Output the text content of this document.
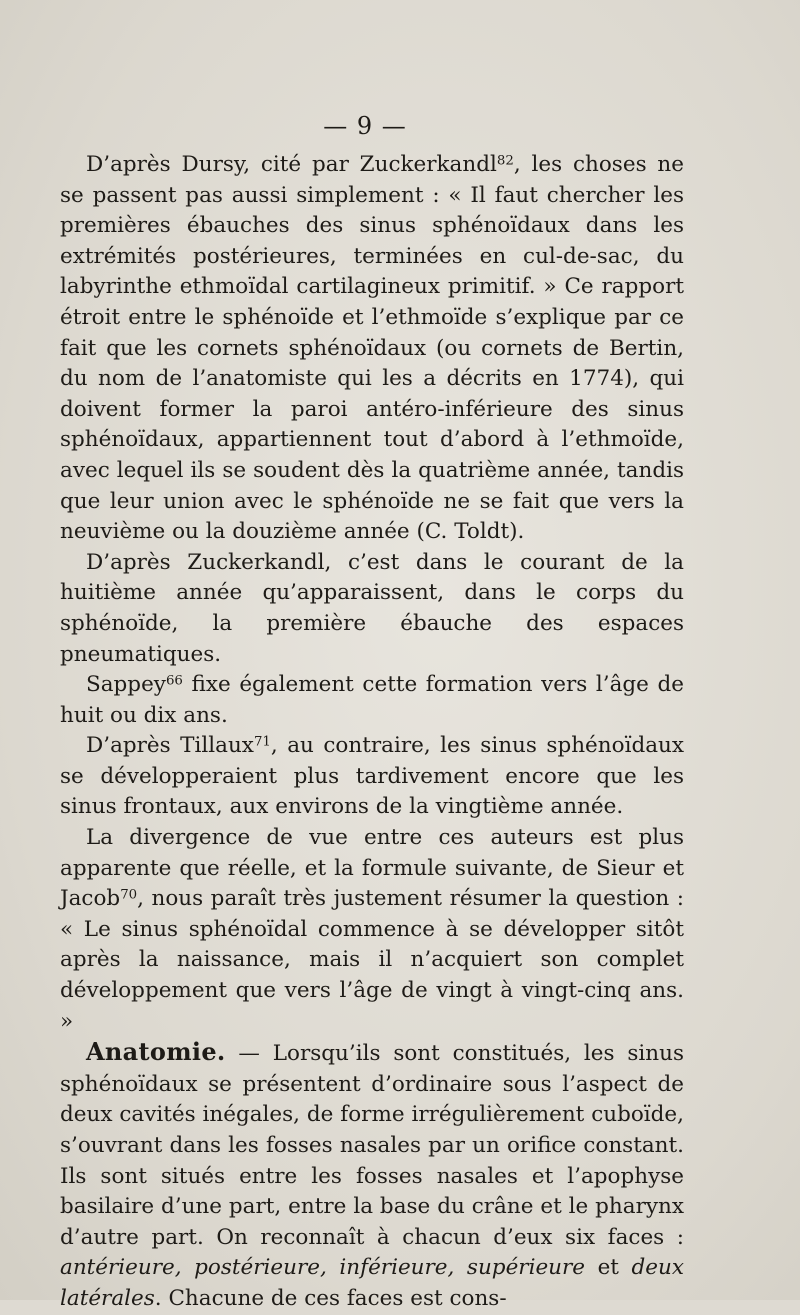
— 9 —

D’après Dursy, cité par Zuckerkandl$^{82}$, les choses ne se passent pas aussi simplement : « Il faut chercher les premières ébauches des sinus sphénoïdaux dans les extrémités postérieures, terminées en cul-de-sac, du labyrinthe ethmoïdal cartilagineux primitif. » Ce rapport étroit entre le sphénoïde et l’ethmoïde s’explique par ce fait que les cornets sphénoïdaux (ou cornets de Bertin, du nom de l’anatomiste qui les a décrits en 1774), qui doivent former la paroi antéro-inférieure des sinus sphénoïdaux, appartiennent tout d’abord à l’ethmoïde, avec lequel ils se soudent dès la quatrième année, tandis que leur union avec le sphénoïde ne se fait que vers la neuvième ou la douzième année (C. Toldt).

D’après Zuckerkandl, c’est dans le courant de la huitième année qu’apparaissent, dans le corps du sphénoïde, la première ébauche des espaces pneumatiques.

Sappey$^{66}$ fixe également cette formation vers l’âge de huit ou dix ans.

D’après Tillaux$^{71}$, au contraire, les sinus sphénoïdaux se développeraient plus tardivement encore que les sinus frontaux, aux environs de la vingtième année.

La divergence de vue entre ces auteurs est plus apparente que réelle, et la formule suivante, de Sieur et Jacob$^{70}$, nous paraît très justement résumer la question : « Le sinus sphénoïdal commence à se développer sitôt après la naissance, mais il n’acquiert son complet développement que vers l’âge de vingt à vingt-cinq ans. »

Anatomie. — Lorsqu’ils sont constitués, les sinus sphénoïdaux se présentent d’ordinaire sous l’aspect de deux cavités inégales, de forme irrégulièrement cuboïde, s’ouvrant dans les fosses nasales par un orifice constant. Ils sont situés entre les fosses nasales et l’apophyse basilaire d’une part, entre la base du crâne et le pharynx d’autre part. On reconnaît à chacun d’eux six faces : antérieure, postérieure, inférieure, supérieure et deux latérales. Chacune de ces faces est cons-
